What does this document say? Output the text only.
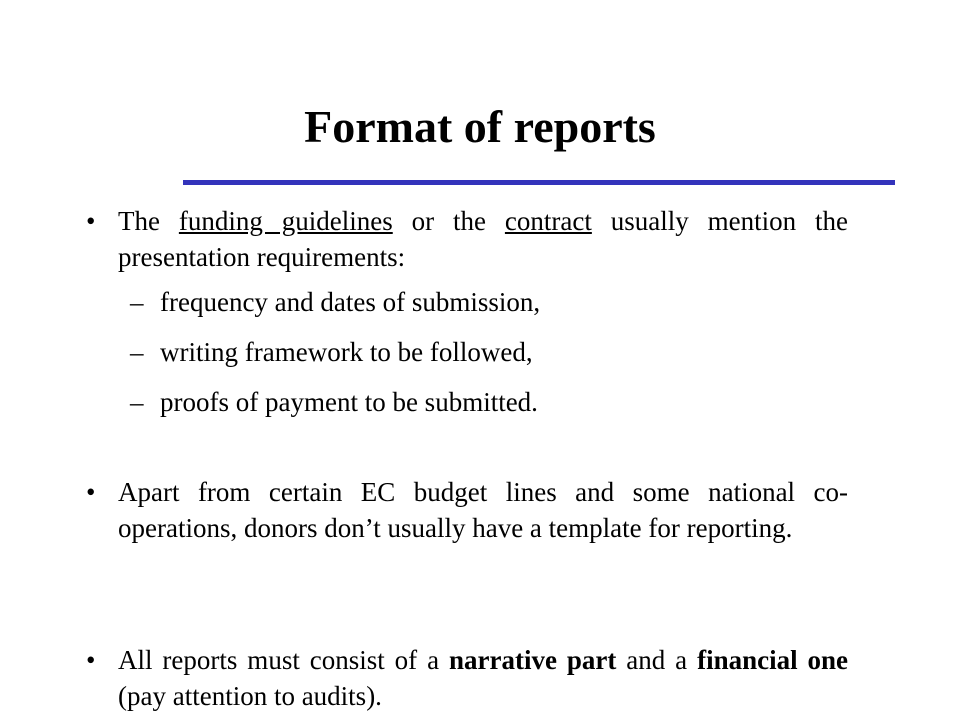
Format of reports
• The funding guidelines or the contract usually mention the presentation requirements:
– frequency and dates of submission,
– writing framework to be followed,
– proofs of payment to be submitted.
• Apart from certain EC budget lines and some national co-operations, donors don’t usually have a template for reporting.
• All reports must consist of a narrative part and a financial one (pay attention to audits).
